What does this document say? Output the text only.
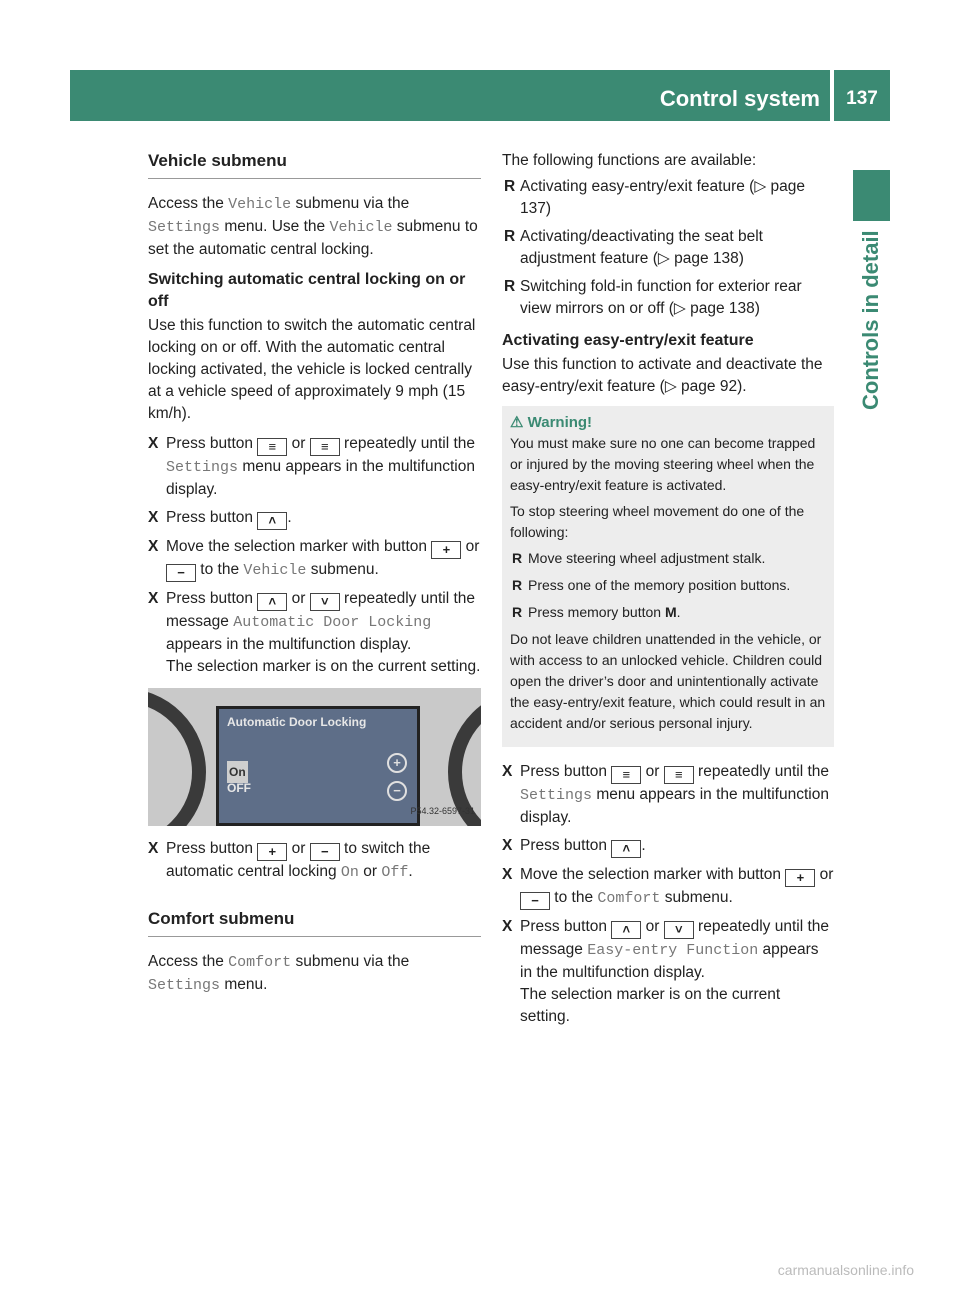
Control system	137
Controls in detail
Vehicle submenu

Access the Vehicle submenu via the Settings menu. Use the Vehicle submenu to set the automatic central locking.

Switching automatic central locking on or off

Use this function to switch the automatic central locking on or off. With the automatic central locking activated, the vehicle is locked centrally at a vehicle speed of approximately 9 mph (15 km/h).

X Press button ≡ or ≡ repeatedly until the Settings menu appears in the multifunction display.
X Press button ˄ .
X Move the selection marker with button + or − to the Vehicle submenu.
X Press button ˄ or ˅ repeatedly until the message Automatic Door Locking appears in the multifunction display.
The selection marker is on the current setting.
Automatic Door Locking
On
OFF
+
−
P54.32-6597-31
X Press button + or − to switch the automatic central locking On or Off.
Comfort submenu

Access the Comfort submenu via the Settings menu.

The following functions are available:

R Activating easy-entry/exit feature (▷ page 137)
R Activating/deactivating the seat belt adjustment feature (▷ page 138)
R Switching fold-in function for exterior rear view mirrors on or off (▷ page 138)
Activating easy-entry/exit feature

Use this function to activate and deactivate the easy-entry/exit feature (▷ page 92).

⚠ Warning!

You must make sure no one can become trapped or injured by the moving steering wheel when the easy-entry/exit feature is activated.

To stop steering wheel movement do one of the following:

R Move steering wheel adjustment stalk.
R Press one of the memory position buttons.
R Press memory button M.

Do not leave children unattended in the vehicle, or with access to an unlocked vehicle. Children could open the driver’s door and unintentionally activate the easy-entry/exit feature, which could result in an accident and/or serious personal injury.

X Press button ≡ or ≡ repeatedly until the Settings menu appears in the multifunction display.
X Press button ˄ .
X Move the selection marker with button + or − to the Comfort submenu.
X Press button ˄ or ˅ repeatedly until the message Easy-entry Function appears in the multifunction display.
The selection marker is on the current setting.
carmanualsonline.info
